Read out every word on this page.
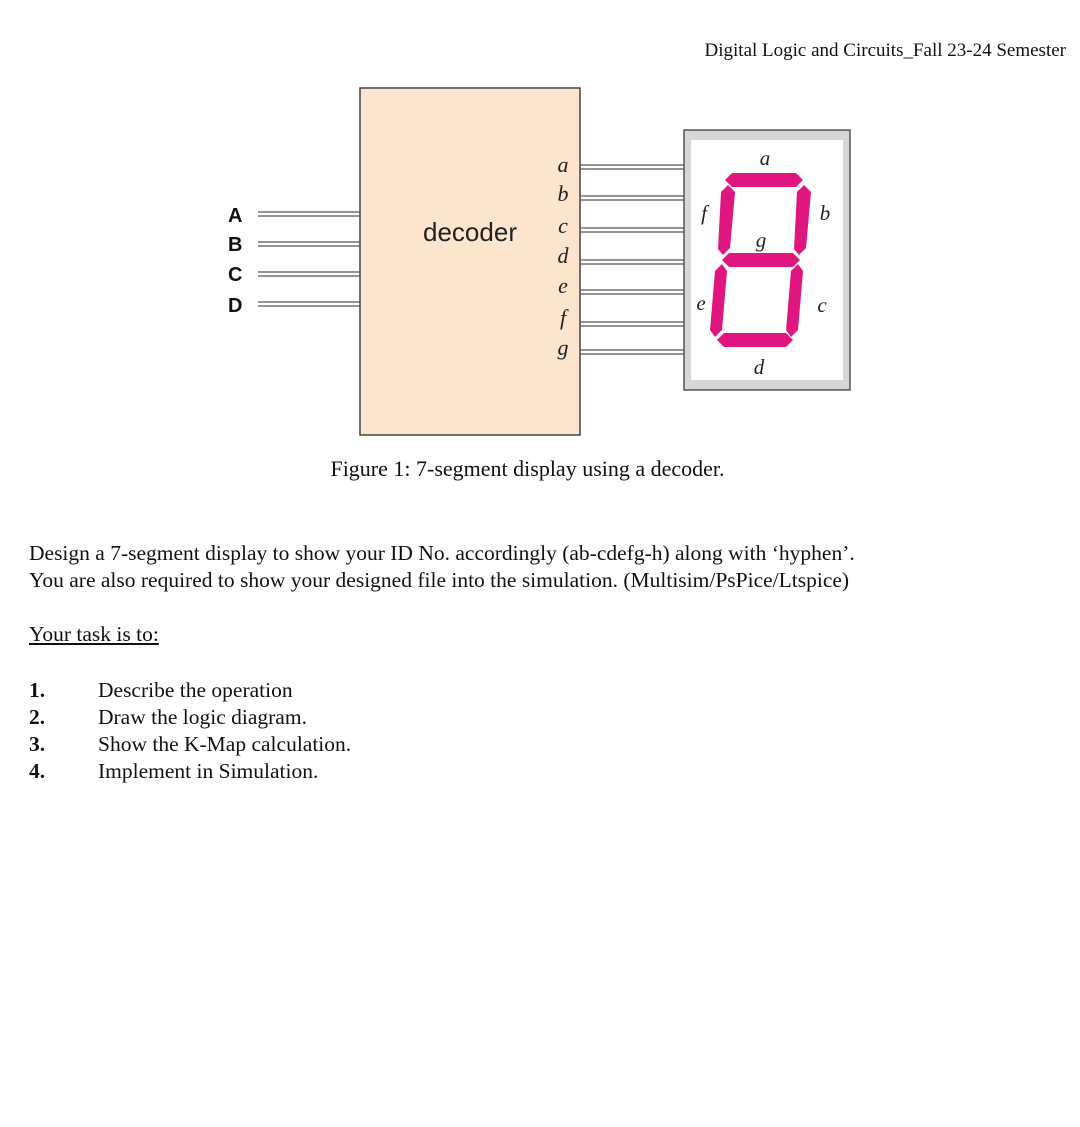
Digital Logic and Circuits_Fall 23-24 Semester
A
B
C
D
decoder
a
b
c
d
e
f
g
a
b
c
d
e
f
g
Figure 1: 7-segment display using a decoder.
Design a 7-segment display to show your ID No. accordingly (ab-cdefg-h) along with ‘hyphen’.
You are also required to show your designed file into the simulation. (Multisim/PsPice/Ltspice)
Your task is to:
1. Describe the operation
2. Draw the logic diagram.
3. Show the K-Map calculation.
4. Implement in Simulation.
